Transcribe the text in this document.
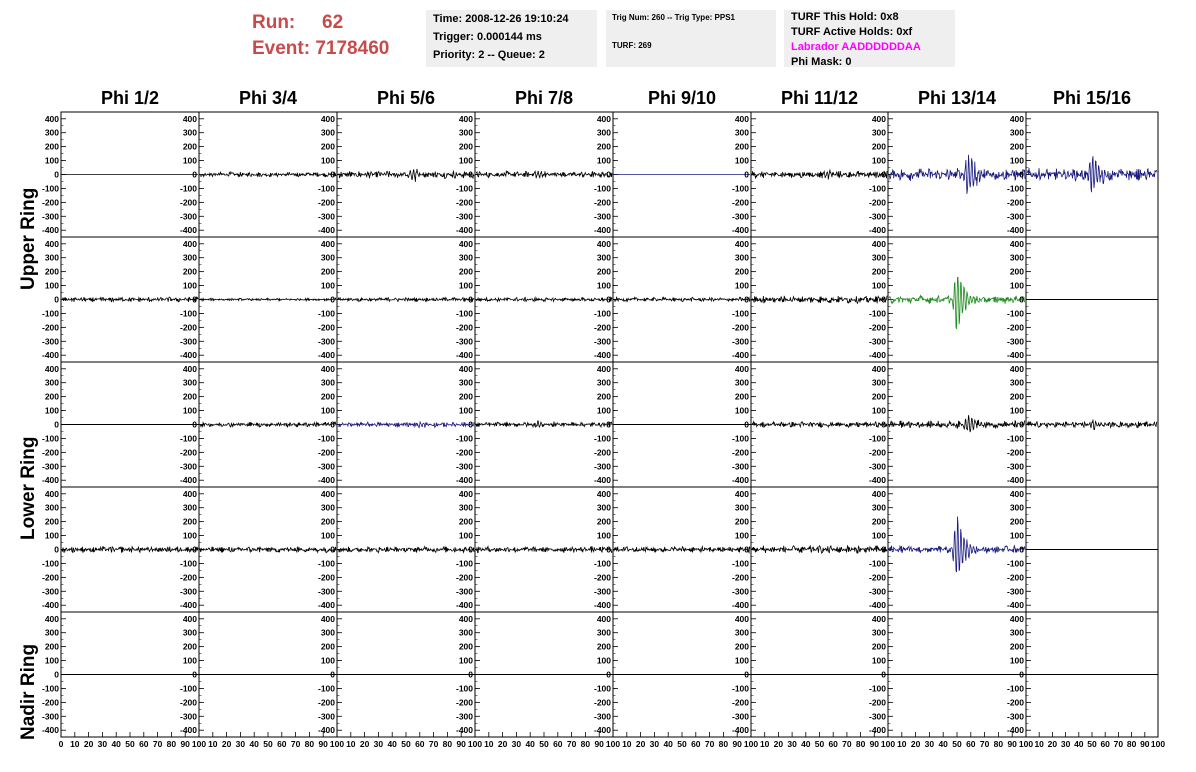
Run: 62
Event: 7178460
Time: 2008-12-26 19:10:24
Trigger: 0.000144 ms
Priority: 2 -- Queue: 2
Trig Num: 260 -- Trig Type: PPS1
TURF: 269
TURF This Hold: 0x8
TURF Active Holds: 0xf
Labrador AADDDDDDAA
Phi Mask: 0
Upper Ring
Lower Ring
Nadir Ring
Phi 1/2	Phi 3/4	Phi 5/6	Phi 7/8	Phi 9/10	Phi 11/12	Phi 13/14	Phi 15/16
400
300
200
100
0
-100
-200
-300
-400
400
300
200
100
0
-100
-200
-300
-400
400
300
200
100
0
-100
-200
-300
-400
400
300
200
100
0
-100
-200
-300
-400
400
300
200
100
0
-100
-200
-300
-400
400
300
200
100
0
-100
-200
-300
-400
400
300
200
100
0
-100
-200
-300
-400
400
300
200
100
0
-100
-200
-300
-400
400
300
200
100
0
-100
-200
-300
-400
400
300
200
100
0
-100
-200
-300
-400
400
300
200
100
0
-100
-200
-300
-400
400
300
200
100
0
-100
-200
-300
-400
400
300
200
100
0
-100
-200
-300
-400
400
300
200
100
0
-100
-200
-300
-400
400
300
200
100
0
-100
-200
-300
-400
400
300
200
100
0
-100
-200
-300
-400
400
300
200
100
0
-100
-200
-300
-400
400
300
200
100
0
-100
-200
-300
-400
400
300
200
100
0
-100
-200
-300
-400
400
300
200
100
0
-100
-200
-300
-400
400
300
200
100
0
-100
-200
-300
-400
400
300
200
100
0
-100
-200
-300
-400
400
300
200
100
0
-100
-200
-300
-400
400
300
200
100
0
-100
-200
-300
-400
400
300
200
100
0
-100
-200
-300
-400
400
300
200
100
0
-100
-200
-300
-400
400
300
200
100
0
-100
-200
-300
-400
400
300
200
100
0
-100
-200
-300
-400
400
300
200
100
0
-100
-200
-300
-400
400
300
200
100
0
-100
-200
-300
-400
400
300
200
100
0
-100
-200
-300
-400
400
300
200
100
0
-100
-200
-300
-400
400
300
200
100
0
-100
-200
-300
-400
400
300
200
100
0
-100
-200
-300
-400
400
300
200
100
0
-100
-200
-300
-400
400
300
200
100
0
-100
-200
-300
-400
400
300
200
100
0
-100
-200
-300
-400
400
300
200
100
0
-100
-200
-300
-400
400
300
200
100
0
-100
-200
-300
-400
400
300
200
100
0
-100
-200
-300
-400
0 10 20 30 40 50 60 70 80 90 100 10 20 30 40 50 60 70 80 90 100 10 20 30 40 50 60 70 80 90 100 10 20 30 40 50 60 70 80 90 100 10 20 30 40 50 60 70 80 90 100 10 20 30 40 50 60 70 80 90 100 10 20 30 40 50 60 70 80 90 100 10 20 30 40 50 60 70 80 90 100
